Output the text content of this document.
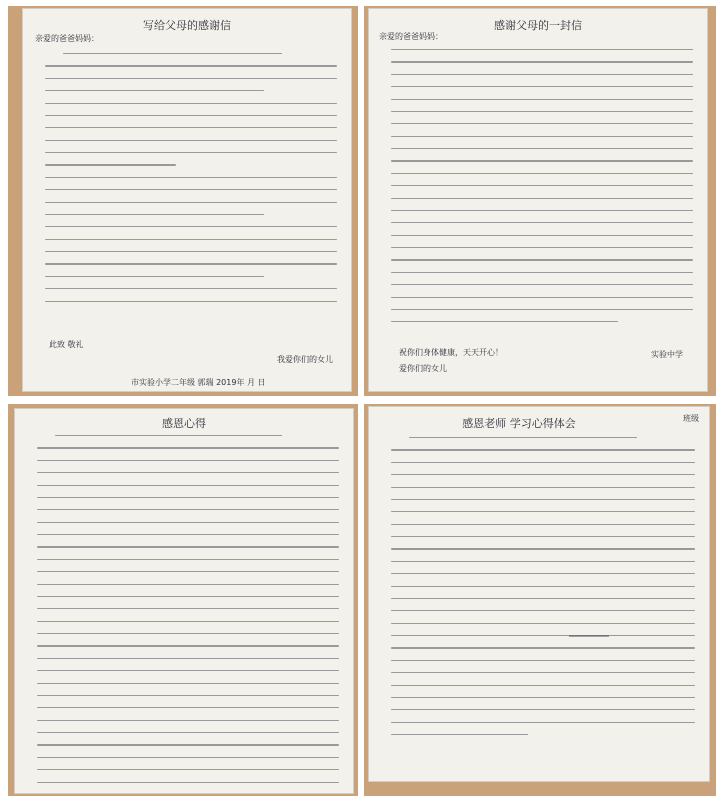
写给父母的感谢信
亲爱的爸爸妈妈：
此致 敬礼
我爱你们的女儿
市实验小学二年级 郭瑞 2019年 月 日
感谢父母的一封信
亲爱的爸爸妈妈：
祝你们身体健康，天天开心！
爱你们的女儿
实验中学
感恩心得	感恩老师 学习心得体会	班级
